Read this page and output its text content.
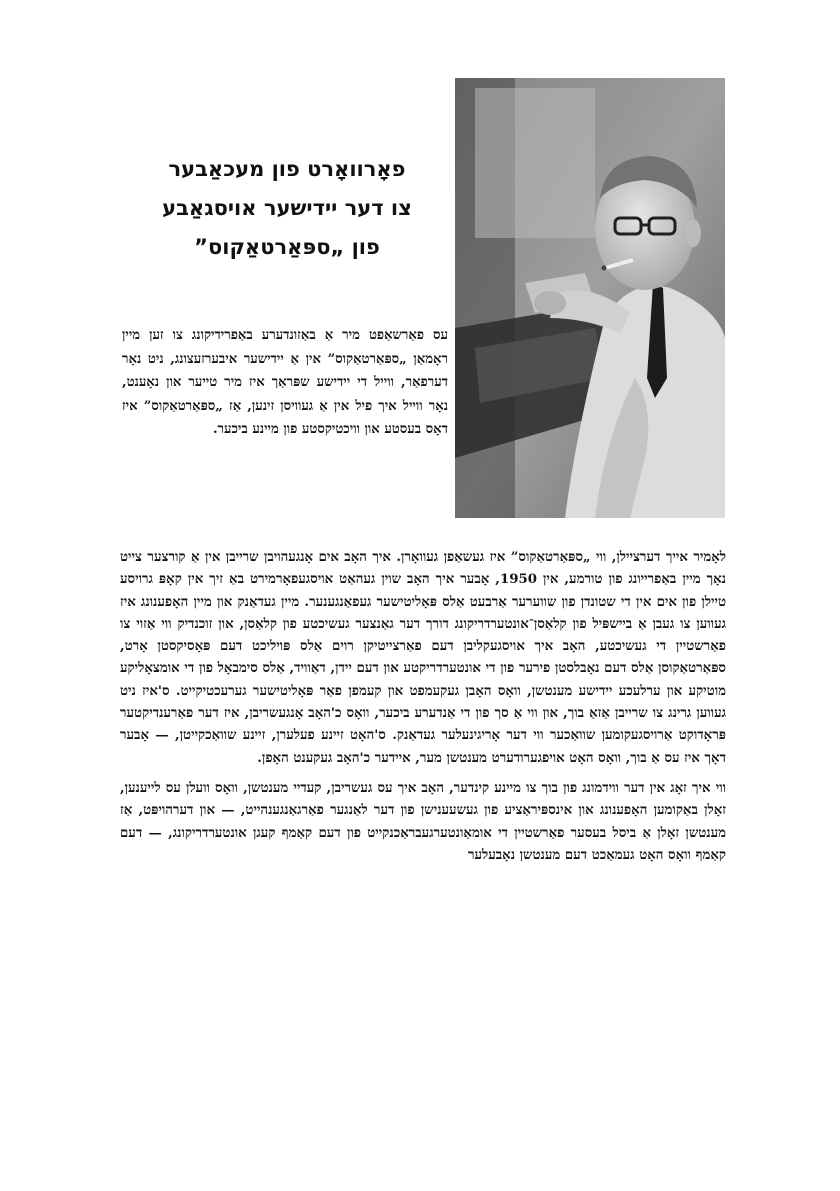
פאָרוואָרט פון מעכאַבער
צו דער יידישער אויסגאַבע
פון „ספּאַרטאַקוס”
עס פאַרשאַפט מיר אַ באַזונדערע באַפרידיקונג צו זען מיין ראָמאַן „ספּאַרטאַקוס” אין אַ יידישער איבערזעצונג, ניט נאָר דערפאַר, ווייל די יידישע שפּראַך איז מיר טייער און נאָענט, נאָר ווייל איך פיל אין אַ געוויסן זינען, אַז „ספּאַרטאַקוס” איז דאָס בעסטע און וויכטיקסטע פון מיינע ביכער.

לאָמיר אייך דערציילן, ווי „ספּאַרטאַקוס” איז געשאַפן געוואָרן. איך האָב אים אָנגעהויבן שרייבן אין אַ קורצער צייט נאָך מיין באַפרייונג פון טורמע, אין 1950, אָבער איך האָב שוין געהאַט אויסגעפאָרמירט באַ זיך אין קאָפּ גרויסע טיילן פון אים אין די שטונדן פון שווערער אַרבעט אַלס פּאָליטישער געפאַנגענער. מיין געדאַנק און מיין האָפענונג איז געווען צו געבן אַ ביישפּיל פון קלאַסן־אונטערדריקונג דורך דער גאַנצער געשיכטע פון קלאַסן, און זוכנדיק ווי אַזוי צו פאַרשטיין די געשיכטע, האָב איך אויסגעקליבן דעם פאַרצייטיקן רוים אַלס פּויליכט דעם פּאָסיקסטן אָרט, ספּאַרטאַקוסן אַלס דעם נאָבלסטן פירער פון די אונטערדריקטע און דעם יידן, דאַוויד, אַלס סימבאָל פון די אומצאָליקע מוטיקע און ערלעכע יידישע מענטשן, וואָס האָבן געקעמפט און קעמפן פאַר פּאָליטישער גערעכטיקייט. ס'איז ניט געווען גרינג צו שרייבן אַזאַ בוך, און ווי אַ סך פון די אַנדערע ביכער, וואָס כ'האָב אָנגעשריבן, איז דער פאַרענדיקטער פּראָדוקט אַרויסגעקומען שוואַכער ווי דער אָריגינעלער געדאַנק. ס'האָט זיינע פעלערן, זיינע שוואַכקייטן, — אָבער דאָך איז עס אַ בוך, וואָס האָט אויפגערודערט מענטשן מער, איידער כ'האָב געקענט האָפן.

ווי איך זאָג אין דער ווידמונג פון בוך צו מיינע קינדער, האָב איך עס געשריבן, קעדיי מענטשן, וואָס וועלן עס לייענען, זאָלן באַקומען האָפענונג און אינספּיראַציע פון געשעענישן פון דער לאַנגער פאַרגאַנגענהייט, — און דערהויפּט, אַז מענטשן זאָלן אַ ביסל בעסער פאַרשטיין די אומאַונטערגעבראַכנקייט פון דעם קאַמף קעגן אונטערדריקונג, — דעם קאַמף וואָס האָט געמאַכט דעם מענטשן נאָבעלער
